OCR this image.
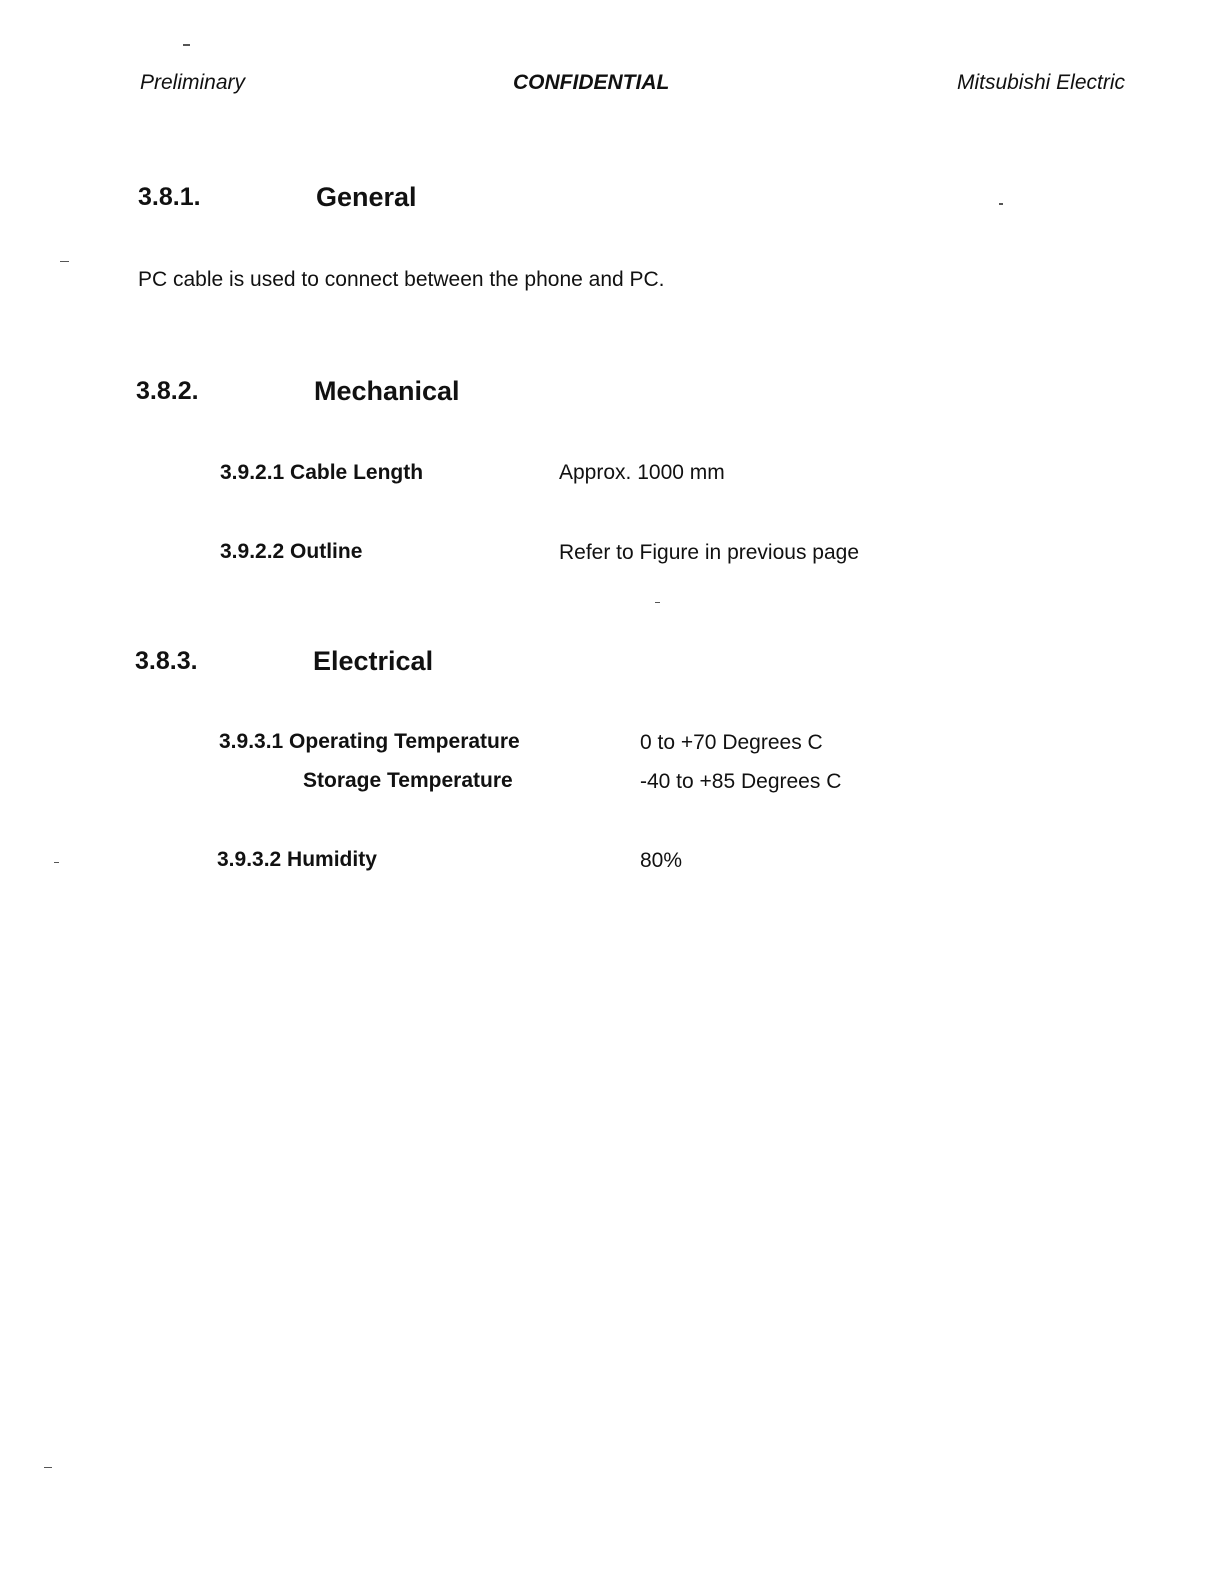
Preliminary	CONFIDENTIAL	Mitsubishi Electric
3.8.1.	General
PC cable is used to connect between the phone and PC.
3.8.2.	Mechanical
3.9.2.1 Cable Length	Approx. 1000 mm
3.9.2.2 Outline	Refer to Figure in previous page
3.8.3.	Electrical
3.9.3.1 Operating Temperature	0 to +70 Degrees C
Storage Temperature	-40 to +85 Degrees C
3.9.3.2 Humidity	80%
